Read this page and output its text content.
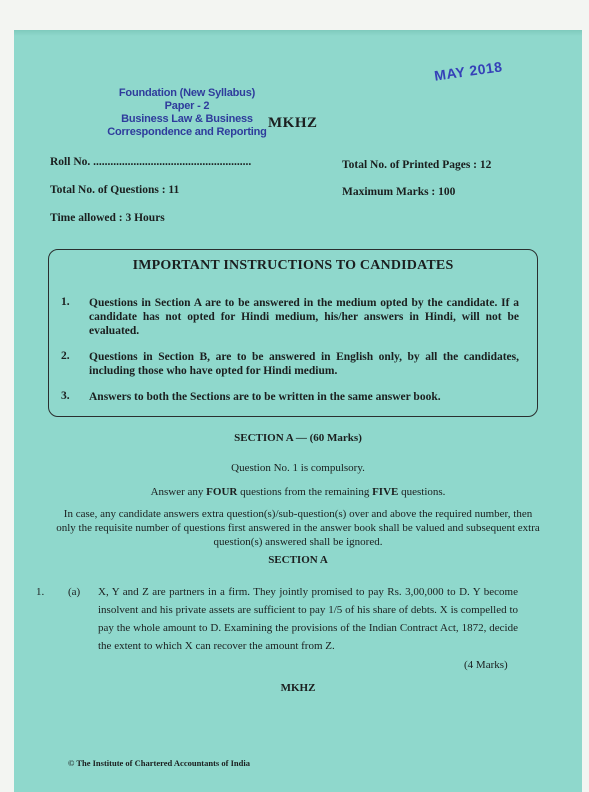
Foundation (New Syllabus)
Paper - 2
Business Law & Business
Correspondence and Reporting
MKHZ
MAY 2018
Roll No. .......................................................	Total No. of Printed Pages : 12
Total No. of Questions : 11	Maximum Marks : 100
Time allowed : 3 Hours
IMPORTANT INSTRUCTIONS TO CANDIDATES
1. Questions in Section A are to be answered in the medium opted by the candidate. If a candidate has not opted for Hindi medium, his/her answers in Hindi, will not be evaluated.
2. Questions in Section B, are to be answered in English only, by all the candidates, including those who have opted for Hindi medium.
3. Answers to both the Sections are to be written in the same answer book.
SECTION A — (60 Marks)
Question No. 1 is compulsory.
Answer any FOUR questions from the remaining FIVE questions.
In case, any candidate answers extra question(s)/sub-question(s) over and above the required number, then only the requisite number of questions first answered in the answer book shall be valued and subsequent extra question(s) answered shall be ignored.
SECTION A
1. (a) X, Y and Z are partners in a firm. They jointly promised to pay Rs. 3,00,000 to D. Y become insolvent and his private assets are sufficient to pay 1/5 of his share of debts. X is compelled to pay the whole amount to D. Examining the provisions of the Indian Contract Act, 1872, decide the extent to which X can recover the amount from Z.
(4 Marks)
MKHZ
© The Institute of Chartered Accountants of India
